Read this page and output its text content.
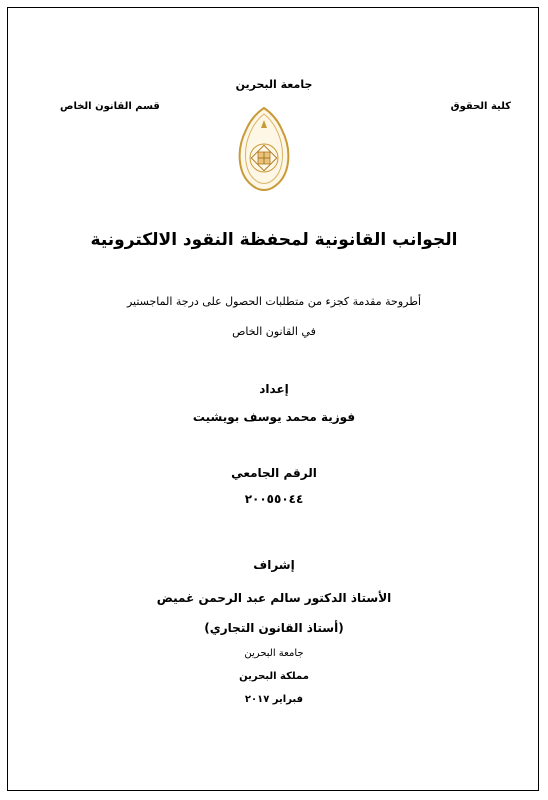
جامعة البحرين
كلية الحقوق
قسم القانون الخاص
الجوانب القانونية لمحفظة النقود الالكترونية
أطروحة مقدمة كجزء من متطلبات الحصول على درجة الماجستير
في القانون الخاص
إعداد
فوزية محمد يوسف بويشيت
الرقم الجامعي
٢٠٠٥٥٠٤٤
إشراف
الأستاذ الدكتور سالم عبد الرحمن غميض
(أستاذ القانون التجاري)
جامعة البحرين
مملكة البحرين
فبراير ٢٠١٧
